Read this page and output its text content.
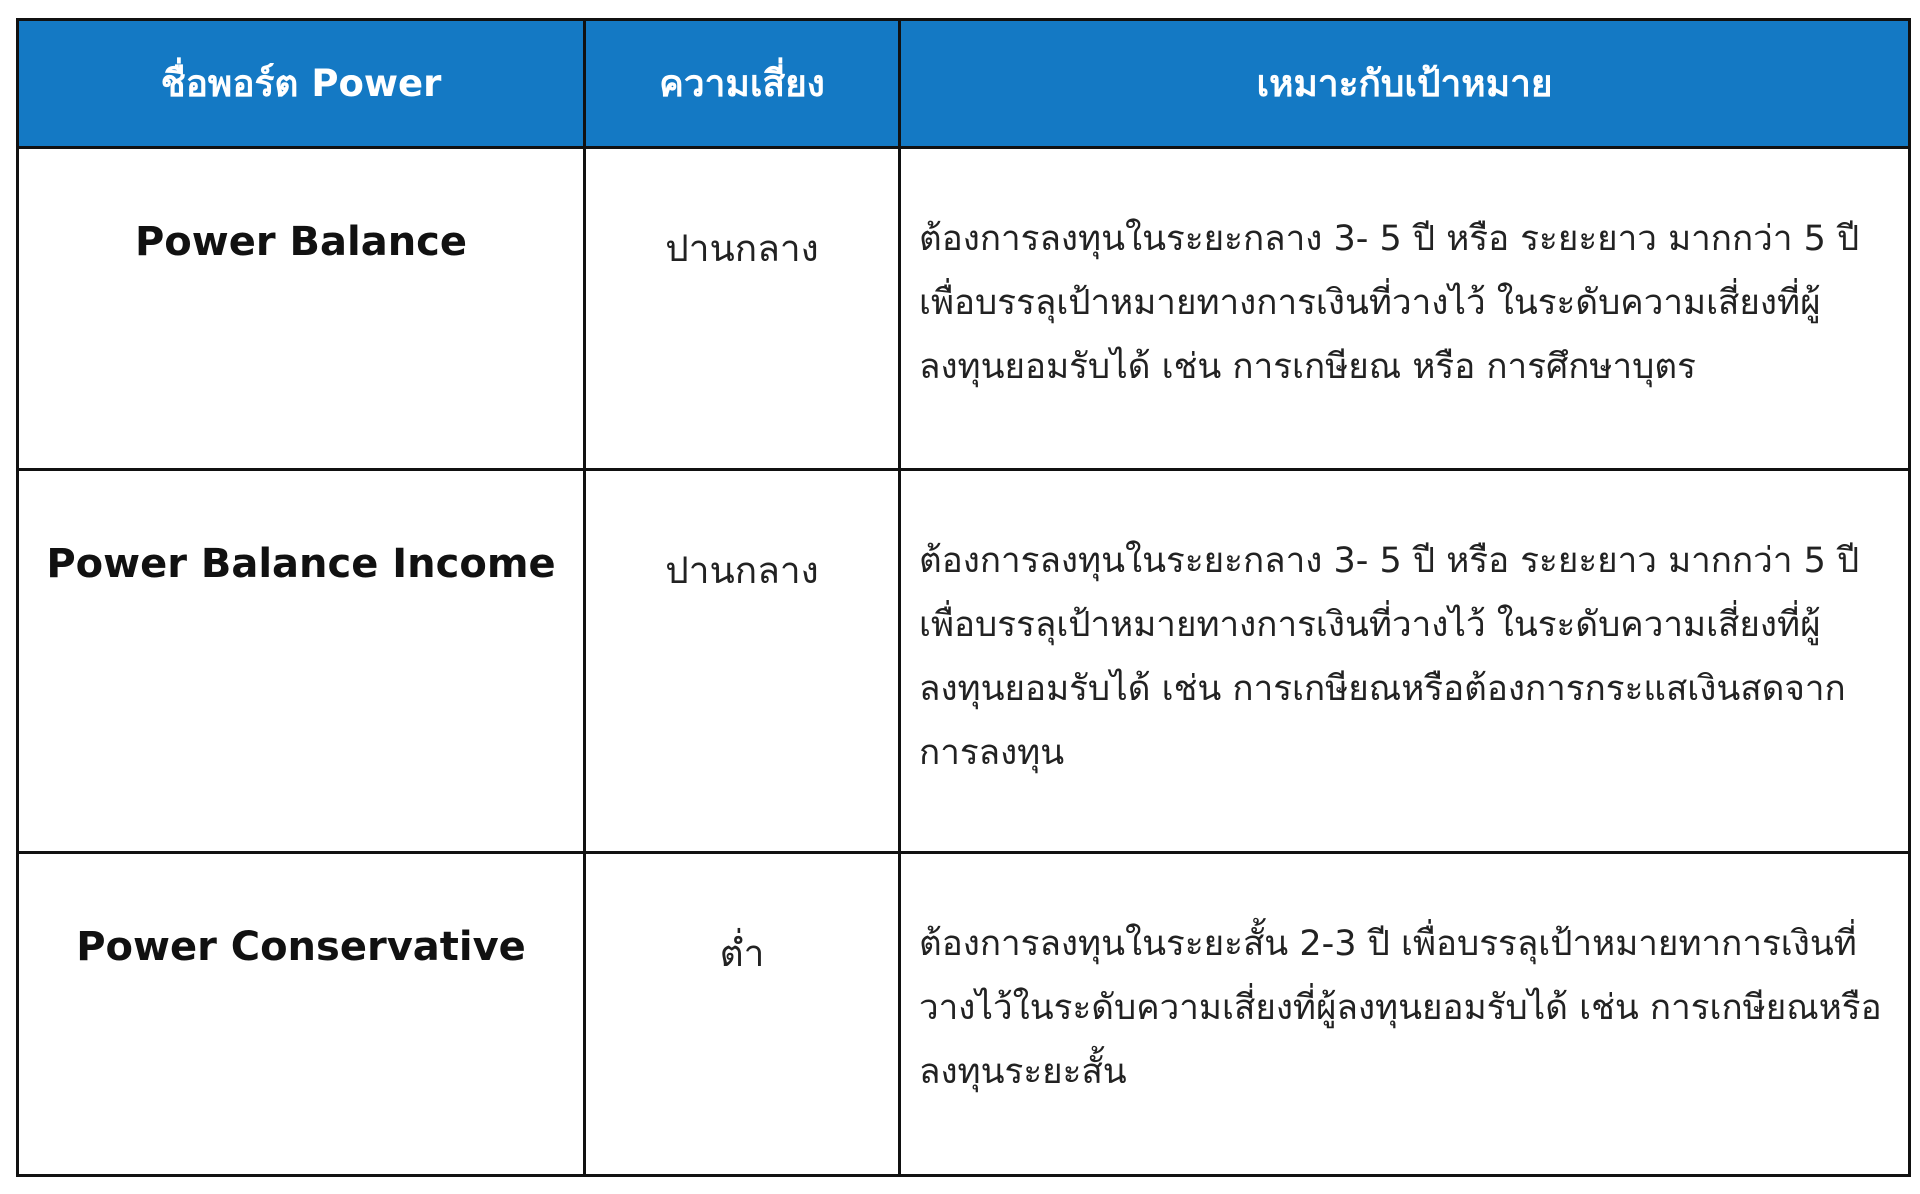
ชื่อพอร์ต Power	ความเสี่ยง	เหมาะกับเป้าหมาย
Power Balance	ปานกลาง	ต้องการลงทุนในระยะกลาง 3- 5 ปี หรือ ระยะยาว มากกว่า 5 ปี เพื่อบรรลุเป้าหมายทางการเงินที่วางไว้ ในระดับความเสี่ยงที่ผู้ลงทุนยอมรับได้ เช่น การเกษียณ หรือ การศึกษาบุตร
Power Balance Income	ปานกลาง	ต้องการลงทุนในระยะกลาง 3- 5 ปี หรือ ระยะยาว มากกว่า 5 ปี เพื่อบรรลุเป้าหมายทางการเงินที่วางไว้ ในระดับความเสี่ยงที่ผู้ลงทุนยอมรับได้ เช่น การเกษียณหรือต้องการกระแสเงินสดจากการลงทุน
Power Conservative	ต่ำ	ต้องการลงทุนในระยะสั้น 2-3 ปี เพื่อบรรลุเป้าหมายทาการเงินที่วางไว้ในระดับความเสี่ยงที่ผู้ลงทุนยอมรับได้ เช่น การเกษียณหรือลงทุนระยะสั้น
